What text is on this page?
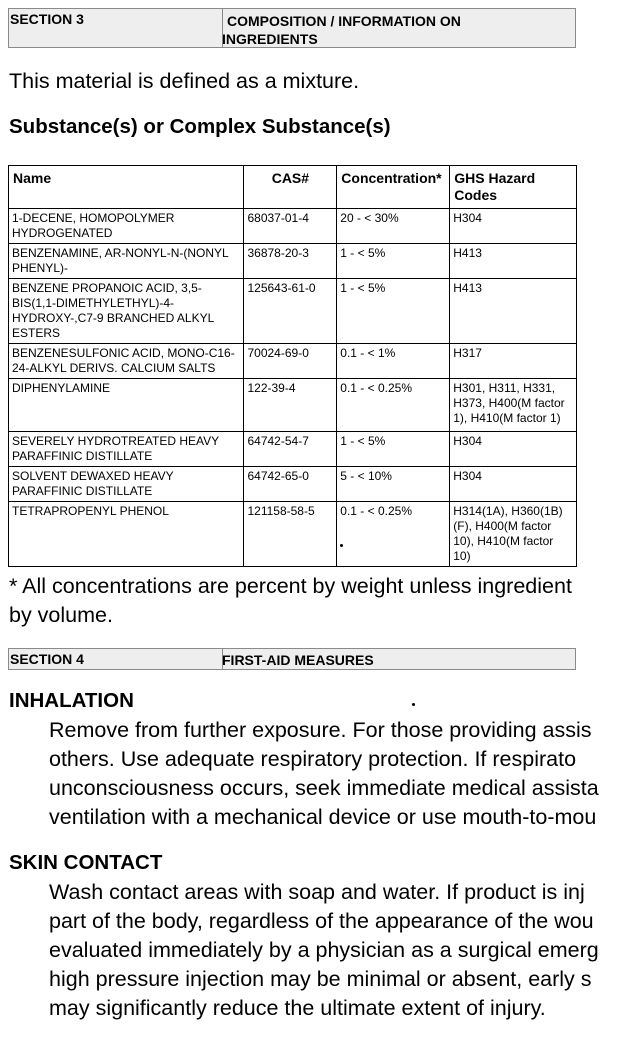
SECTION 3	COMPOSITION / INFORMATION ON
INGREDIENTS
This material is defined as a mixture.
Substance(s) or Complex Substance(s)
Name	CAS#	Concentration*	GHS Hazard Codes
1-DECENE, HOMOPOLYMER HYDROGENATED	68037-01-4	20 - < 30%	H304
BENZENAMINE, AR-NONYL-N-(NONYL PHENYL)-	36878-20-3	1 - < 5%	H413
BENZENE PROPANOIC ACID, 3,5-BIS(1,1-DIMETHYLETHYL)-4-HYDROXY-,C7-9 BRANCHED ALKYL ESTERS	125643-61-0	1 - < 5%	H413
BENZENESULFONIC ACID, MONO-C16-24-ALKYL DERIVS. CALCIUM SALTS	70024-69-0	0.1 - < 1%	H317
DIPHENYLAMINE	122-39-4	0.1 - < 0.25%	H301, H311, H331, H373, H400(M factor 1), H410(M factor 1)
SEVERELY HYDROTREATED HEAVY PARAFFINIC DISTILLATE	64742-54-7	1 - < 5%	H304
SOLVENT DEWAXED HEAVY PARAFFINIC DISTILLATE	64742-65-0	5 - < 10%	H304
TETRAPROPENYL PHENOL	121158-58-5	0.1 - < 0.25%	H314(1A), H360(1B) (F), H400(M factor 10), H410(M factor 10)
* All concentrations are percent by weight unless ingredient
by volume.
SECTION 4	FIRST-AID MEASURES
INHALATION
Remove from further exposure. For those providing assis
others. Use adequate respiratory protection. If respirato
unconsciousness occurs, seek immediate medical assista
ventilation with a mechanical device or use mouth-to-mou
SKIN CONTACT
Wash contact areas with soap and water. If product is inj
part of the body, regardless of the appearance of the wou
evaluated immediately by a physician as a surgical emerg
high pressure injection may be minimal or absent, early s
may significantly reduce the ultimate extent of injury.
